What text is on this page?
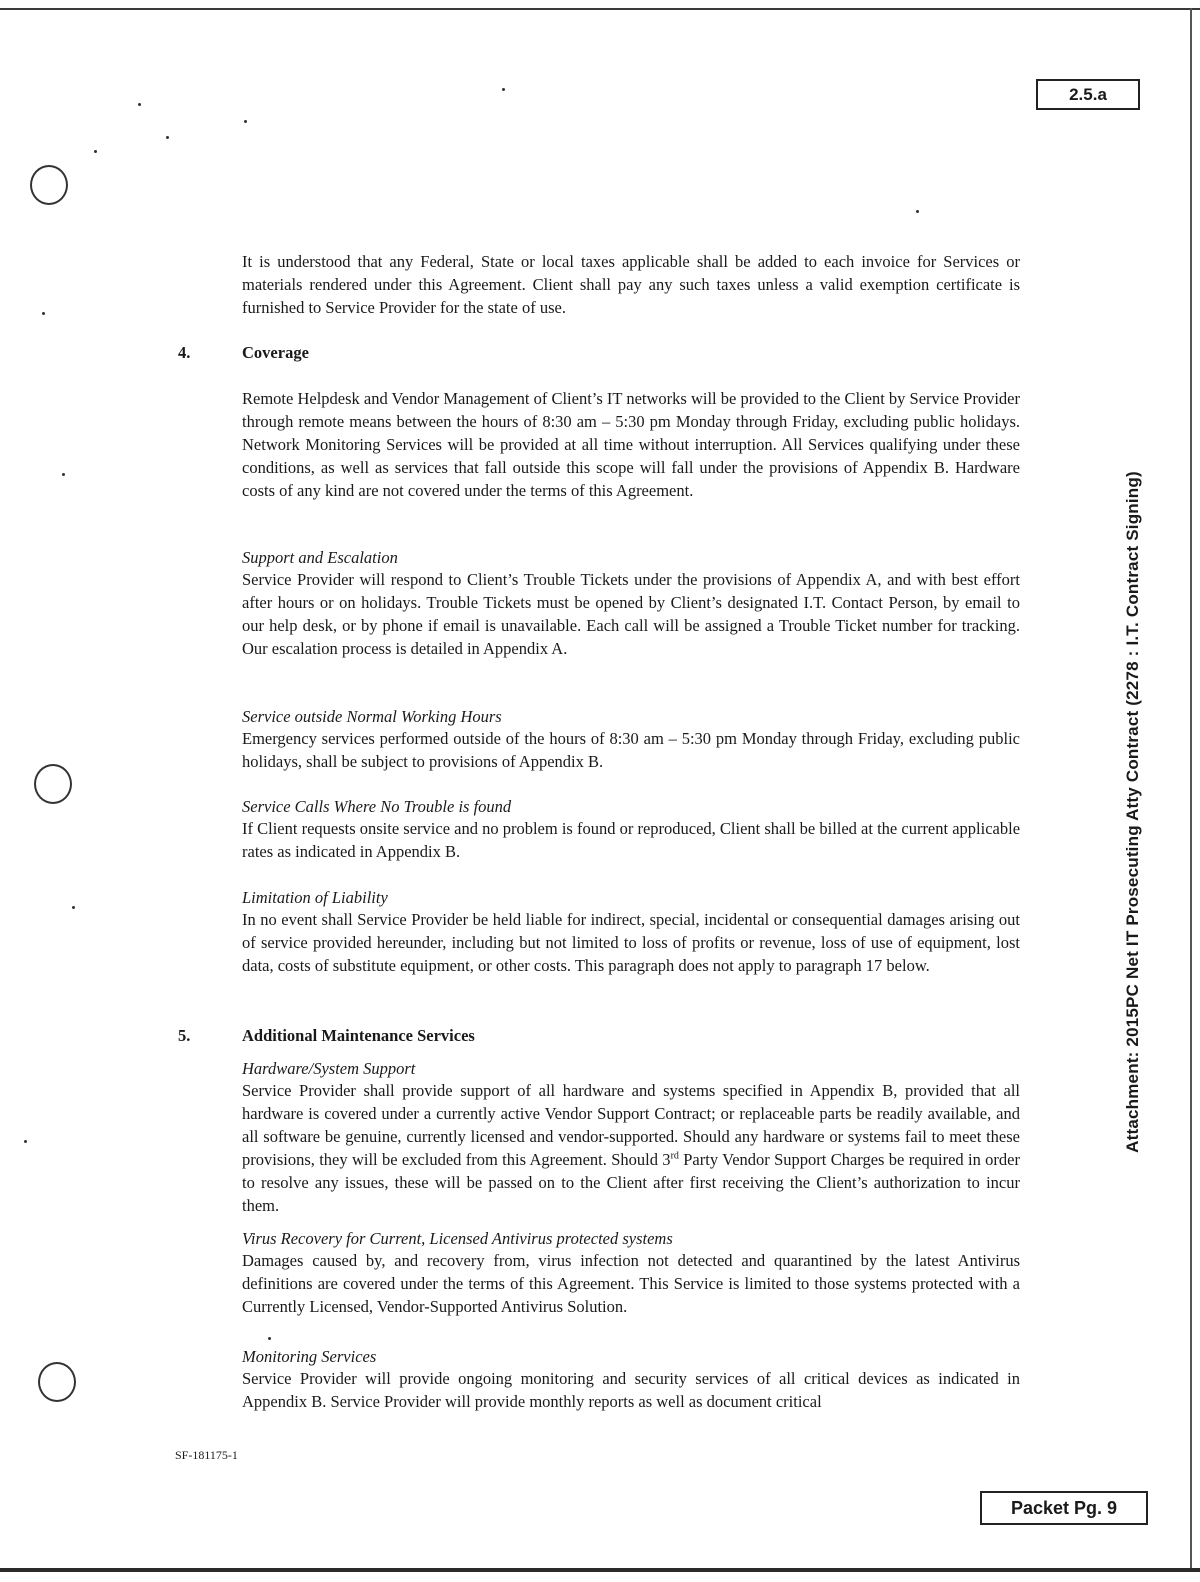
2.5.a
Attachment: 2015PC Net IT Prosecuting Atty Contract (2278 : I.T. Contract Signing)

It is understood that any Federal, State or local taxes applicable shall be added to each invoice for Services or materials rendered under this Agreement. Client shall pay any such taxes unless a valid exemption certificate is furnished to Service Provider for the state of use.

4.	Coverage

Remote Helpdesk and Vendor Management of Client’s IT networks will be provided to the Client by Service Provider through remote means between the hours of 8:30 am – 5:30 pm Monday through Friday, excluding public holidays. Network Monitoring Services will be provided at all time without interruption. All Services qualifying under these conditions, as well as services that fall outside this scope will fall under the provisions of Appendix B. Hardware costs of any kind are not covered under the terms of this Agreement.

Support and Escalation

Service Provider will respond to Client’s Trouble Tickets under the provisions of Appendix A, and with best effort after hours or on holidays. Trouble Tickets must be opened by Client’s designated I.T. Contact Person, by email to our help desk, or by phone if email is unavailable. Each call will be assigned a Trouble Ticket number for tracking. Our escalation process is detailed in Appendix A.

Service outside Normal Working Hours

Emergency services performed outside of the hours of 8:30 am – 5:30 pm Monday through Friday, excluding public holidays, shall be subject to provisions of Appendix B.

Service Calls Where No Trouble is found

If Client requests onsite service and no problem is found or reproduced, Client shall be billed at the current applicable rates as indicated in Appendix B.

Limitation of Liability

In no event shall Service Provider be held liable for indirect, special, incidental or consequential damages arising out of service provided hereunder, including but not limited to loss of profits or revenue, loss of use of equipment, lost data, costs of substitute equipment, or other costs. This paragraph does not apply to paragraph 17 below.

5.	Additional Maintenance Services

Hardware/System Support

Service Provider shall provide support of all hardware and systems specified in Appendix B, provided that all hardware is covered under a currently active Vendor Support Contract; or replaceable parts be readily available, and all software be genuine, currently licensed and vendor-supported. Should any hardware or systems fail to meet these provisions, they will be excluded from this Agreement. Should 3rd Party Vendor Support Charges be required in order to resolve any issues, these will be passed on to the Client after first receiving the Client’s authorization to incur them.

Virus Recovery for Current, Licensed Antivirus protected systems

Damages caused by, and recovery from, virus infection not detected and quarantined by the latest Antivirus definitions are covered under the terms of this Agreement. This Service is limited to those systems protected with a Currently Licensed, Vendor-Supported Antivirus Solution.

Monitoring Services

Service Provider will provide ongoing monitoring and security services of all critical devices as indicated in Appendix B. Service Provider will provide monthly reports as well as document critical

SF-181175-1

Packet Pg. 9
